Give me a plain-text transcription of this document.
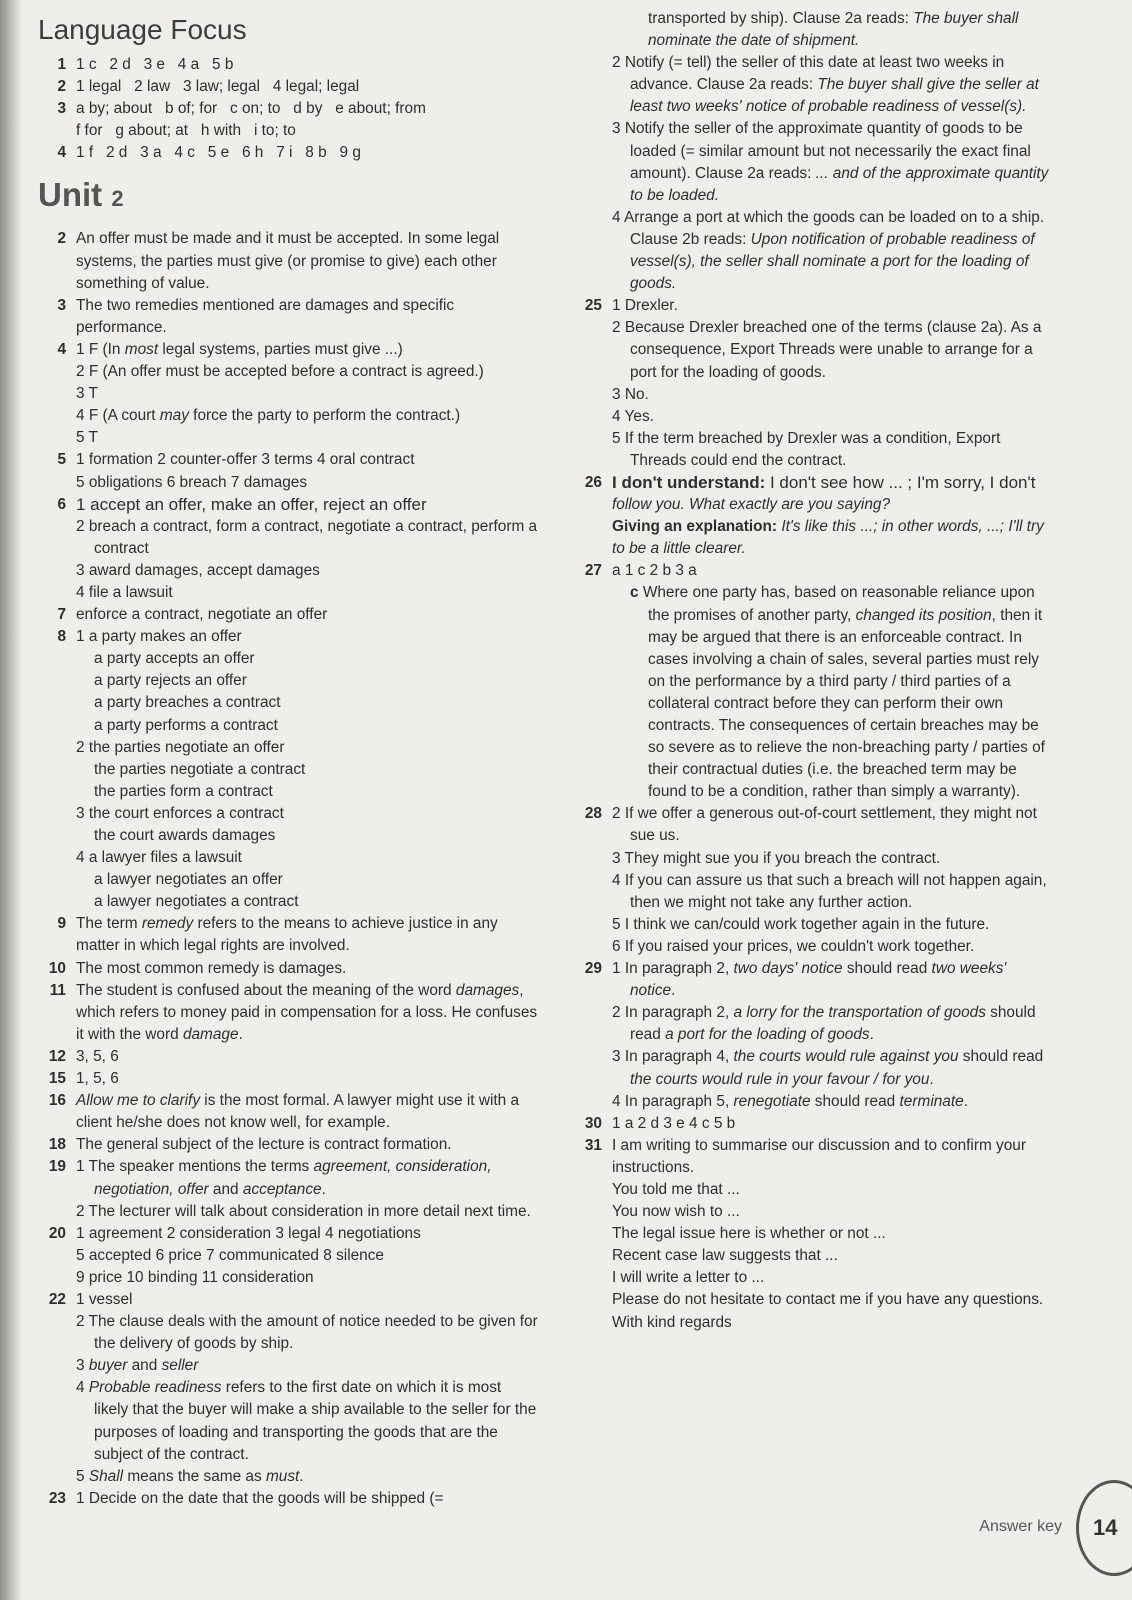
Language Focus
1 1 c   2 d   3 e   4 a   5 b
2 1 legal   2 law   3 law; legal   4 legal; legal
3 a by; about   b of; for   c on; to   d by   e about; from
f for   g about; at   h with   i to; to
4 1 f   2 d   3 a   4 c   5 e   6 h   7 i   8 b   9 g
Unit 2
2 An offer must be made and it must be accepted. In some legal systems, the parties must give (or promise to give) each other something of value.
3 The two remedies mentioned are damages and specific performance.
4 1 F (In most legal systems, parties must give ...)
2 F (An offer must be accepted before a contract is agreed.)
3 T
4 F (A court may force the party to perform the contract.)
5 T
5 1 formation 2 counter-offer 3 terms 4 oral contract
5 obligations 6 breach 7 damages
6 1 accept an offer, make an offer, reject an offer
2 breach a contract, form a contract, negotiate a contract, perform a contract
3 award damages, accept damages
4 file a lawsuit
7 enforce a contract, negotiate an offer
8 1 a party makes an offer
a party accepts an offer
a party rejects an offer
a party breaches a contract
a party performs a contract
2 the parties negotiate an offer
the parties negotiate a contract
the parties form a contract
3 the court enforces a contract
the court awards damages
4 a lawyer files a lawsuit
a lawyer negotiates an offer
a lawyer negotiates a contract
9 The term remedy refers to the means to achieve justice in any matter in which legal rights are involved.
10 The most common remedy is damages.
11 The student is confused about the meaning of the word damages, which refers to money paid in compensation for a loss. He confuses it with the word damage.
12 3, 5, 6
15 1, 5, 6
16 Allow me to clarify is the most formal. A lawyer might use it with a client he/she does not know well, for example.
18 The general subject of the lecture is contract formation.
19 1 The speaker mentions the terms agreement, consideration, negotiation, offer and acceptance.
2 The lecturer will talk about consideration in more detail next time.
20 1 agreement 2 consideration 3 legal 4 negotiations
5 accepted 6 price 7 communicated 8 silence
9 price 10 binding 11 consideration
22 1 vessel
2 The clause deals with the amount of notice needed to be given for the delivery of goods by ship.
3 buyer and seller
4 Probable readiness refers to the first date on which it is most likely that the buyer will make a ship available to the seller for the purposes of loading and transporting the goods that are the subject of the contract.
5 Shall means the same as must.
23 1 Decide on the date that the goods will be shipped (=
transported by ship). Clause 2a reads: The buyer shall nominate the date of shipment.
2 Notify (= tell) the seller of this date at least two weeks in advance. Clause 2a reads: The buyer shall give the seller at least two weeks' notice of probable readiness of vessel(s).
3 Notify the seller of the approximate quantity of goods to be loaded (= similar amount but not necessarily the exact final amount). Clause 2a reads: ... and of the approximate quantity to be loaded.
4 Arrange a port at which the goods can be loaded on to a ship. Clause 2b reads: Upon notification of probable readiness of vessel(s), the seller shall nominate a port for the loading of goods.
25 1 Drexler.
2 Because Drexler breached one of the terms (clause 2a). As a consequence, Export Threads were unable to arrange for a port for the loading of goods.
3 No.
4 Yes.
5 If the term breached by Drexler was a condition, Export Threads could end the contract.
26 I don't understand: I don't see how ... ; I'm sorry, I don't
follow you. What exactly are you saying?
Giving an explanation: It's like this ...; in other words, ...; I'll try to be a little clearer.
27 a 1 c 2 b 3 a
c Where one party has, based on reasonable reliance upon the promises of another party, changed its position, then it may be argued that there is an enforceable contract. In cases involving a chain of sales, several parties must rely on the performance by a third party / third parties of a collateral contract before they can perform their own contracts. The consequences of certain breaches may be so severe as to relieve the non-breaching party / parties of their contractual duties (i.e. the breached term may be found to be a condition, rather than simply a warranty).
28 2 If we offer a generous out-of-court settlement, they might not sue us.
3 They might sue you if you breach the contract.
4 If you can assure us that such a breach will not happen again, then we might not take any further action.
5 I think we can/could work together again in the future.
6 If you raised your prices, we couldn't work together.
29 1 In paragraph 2, two days' notice should read two weeks' notice.
2 In paragraph 2, a lorry for the transportation of goods should read a port for the loading of goods.
3 In paragraph 4, the courts would rule against you should read the courts would rule in your favour / for you.
4 In paragraph 5, renegotiate should read terminate.
30 1 a 2 d 3 e 4 c 5 b
31 I am writing to summarise our discussion and to confirm your instructions.
You told me that ...
You now wish to ...
The legal issue here is whether or not ...
Recent case law suggests that ...
I will write a letter to ...
Please do not hesitate to contact me if you have any questions.
With kind regards
Answer key	14
